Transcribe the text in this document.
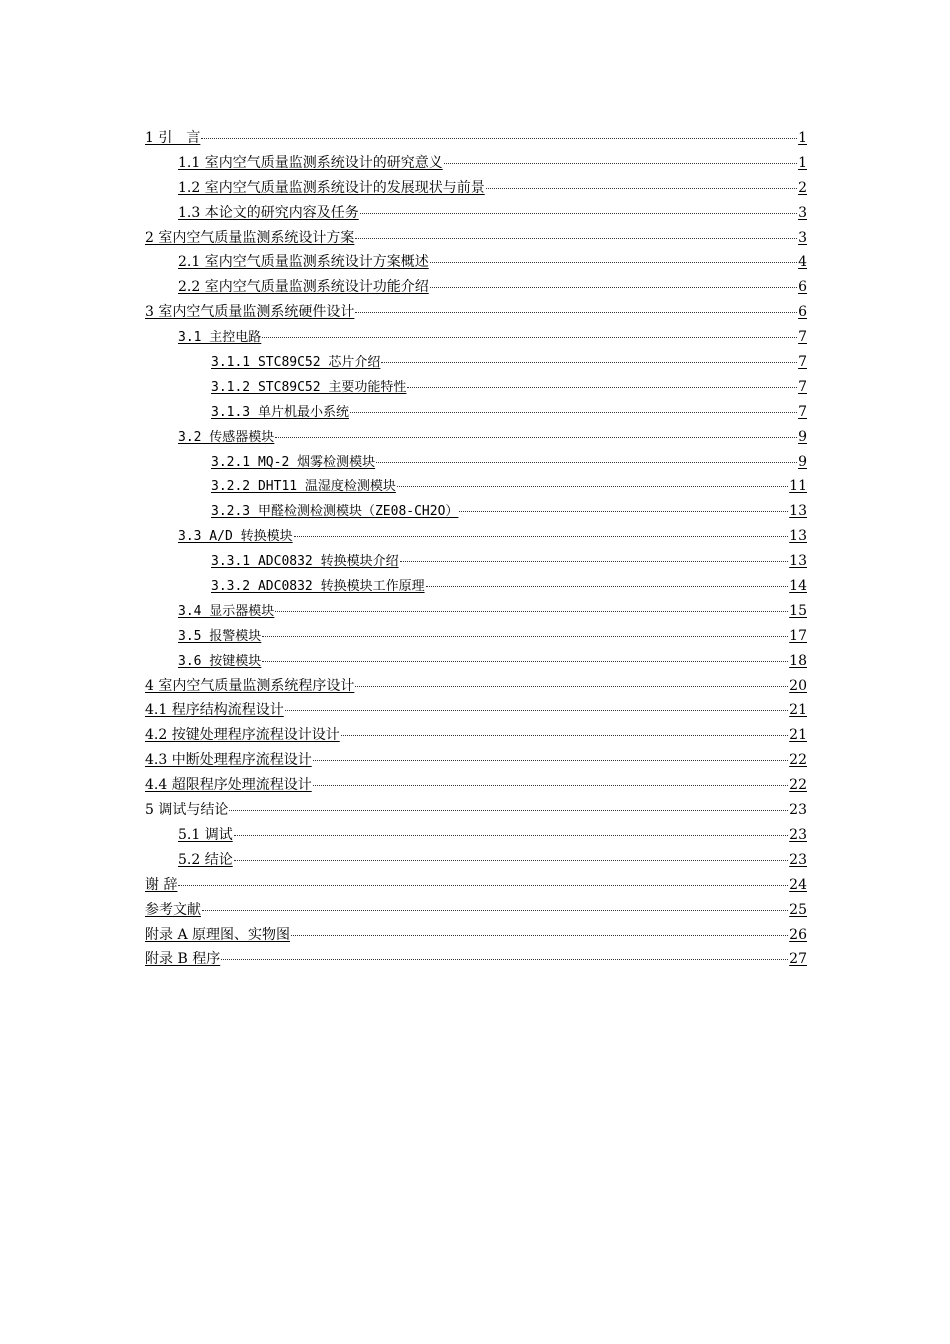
1 引　言	1
1.1 室内空气质量监测系统设计的研究意义	1
1.2 室内空气质量监测系统设计的发展现状与前景	2
1.3 本论文的研究内容及任务	3
2 室内空气质量监测系统设计方案	3
2.1 室内空气质量监测系统设计方案概述	4
2.2 室内空气质量监测系统设计功能介绍	6
3 室内空气质量监测系统硬件设计	6
3.1 主控电路	7
3.1.1 STC89C52 芯片介绍	7
3.1.2 STC89C52 主要功能特性	7
3.1.3 单片机最小系统	7
3.2 传感器模块	9
3.2.1 MQ-2 烟雾检测模块	9
3.2.2 DHT11 温湿度检测模块	11
3.2.3 甲醛检测检测模块（ZE08-CH2O）	13
3.3 A/D 转换模块	13
3.3.1 ADC0832 转换模块介绍	13
3.3.2 ADC0832 转换模块工作原理	14
3.4 显示器模块	15
3.5 报警模块	17
3.6 按键模块	18
4 室内空气质量监测系统程序设计	20
4.1 程序结构流程设计	21
4.2 按键处理程序流程设计设计	21
4.3 中断处理程序流程设计	22
4.4 超限程序处理流程设计	22
5 调试与结论	23
5.1 调试	23
5.2 结论	23
谢 辞	24
参考文献	25
附录 A 原理图、实物图	26
附录 B 程序	27
